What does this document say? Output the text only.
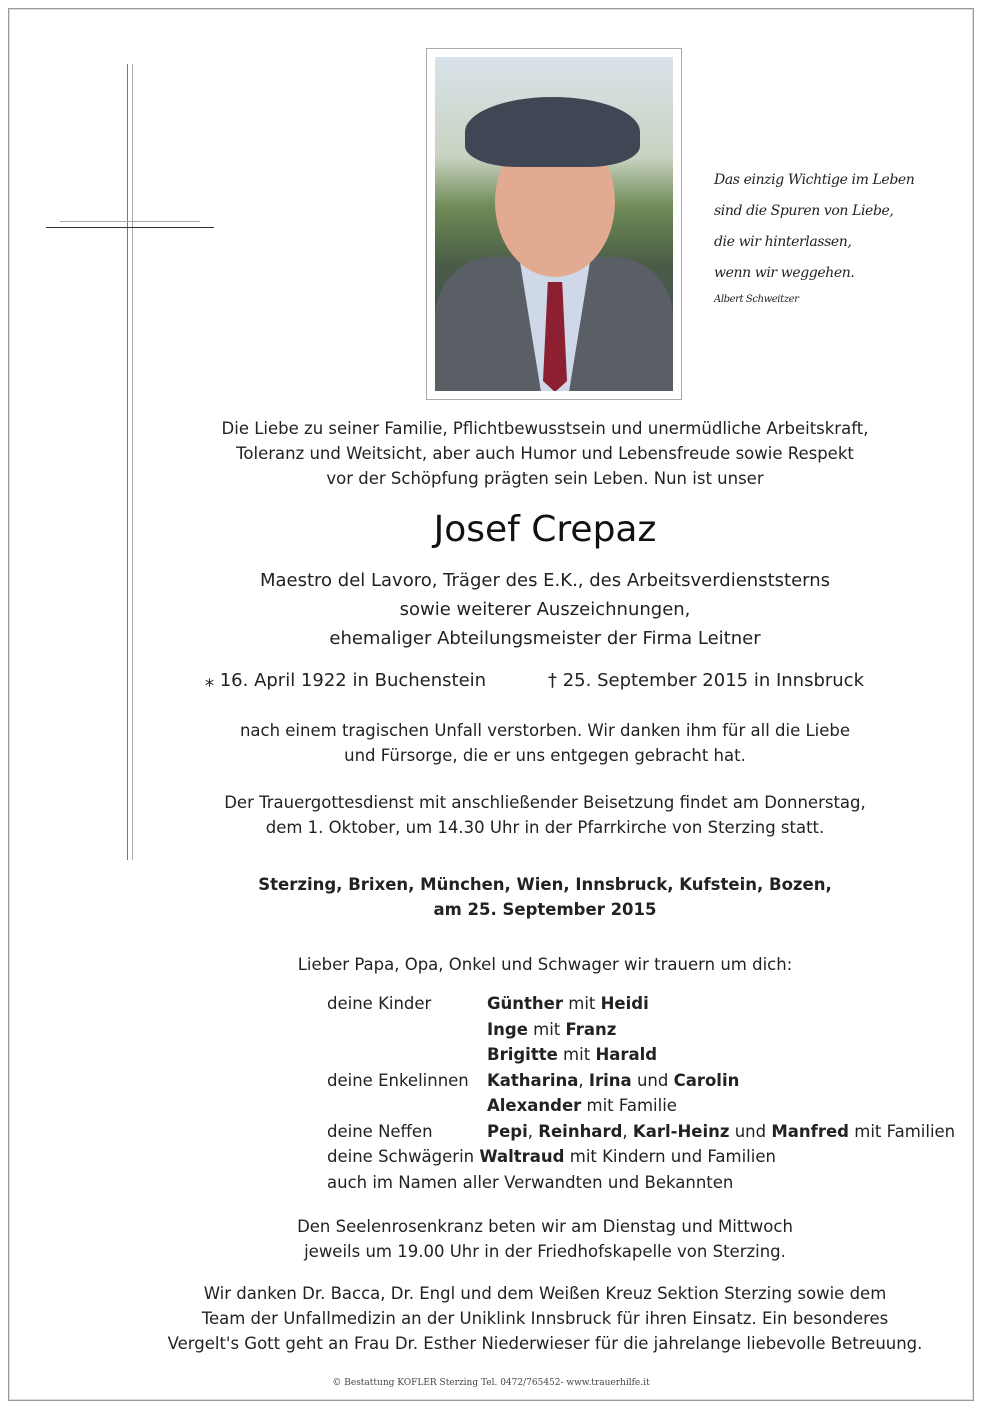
Das einzig Wichtige im Leben
sind die Spuren von Liebe,
die wir hinterlassen,
wenn wir weggehen.
Albert Schweitzer
Die Liebe zu seiner Familie, Pflichtbewusstsein und unermüdliche Arbeitskraft,
Toleranz und Weitsicht, aber auch Humor und Lebensfreude sowie Respekt
vor der Schöpfung prägten sein Leben. Nun ist unser
Josef Crepaz
Maestro del Lavoro, Träger des E.K., des Arbeitsverdienststerns
sowie weiterer Auszeichnungen,
ehemaliger Abteilungsmeister der Firma Leitner
⁎ 16. April 1922 in Buchenstein	† 25. September 2015 in Innsbruck
nach einem tragischen Unfall verstorben. Wir danken ihm für all die Liebe
und Fürsorge, die er uns entgegen gebracht hat.
Der Trauergottesdienst mit anschließender Beisetzung findet am Donnerstag,
dem 1. Oktober, um 14.30 Uhr in der Pfarrkirche von Sterzing statt.
Sterzing, Brixen, München, Wien, Innsbruck, Kufstein, Bozen,
am 25. September 2015
Lieber Papa, Opa, Onkel und Schwager wir trauern um dich:
deine Kinder	Günther mit Heidi
Inge mit Franz
Brigitte mit Harald
deine Enkelinnen	Katharina, Irina und Carolin
Alexander mit Familie
deine Neffen	Pepi, Reinhard, Karl-Heinz und Manfred mit Familien
deine Schwägerin Waltraud mit Kindern und Familien
auch im Namen aller Verwandten und Bekannten
Den Seelenrosenkranz beten wir am Dienstag und Mittwoch
jeweils um 19.00 Uhr in der Friedhofskapelle von Sterzing.
Wir danken Dr. Bacca, Dr. Engl und dem Weißen Kreuz Sektion Sterzing sowie dem
Team der Unfallmedizin an der Uniklink Innsbruck für ihren Einsatz. Ein besonderes
Vergelt's Gott geht an Frau Dr. Esther Niederwieser für die jahrelange liebevolle Betreuung.
© Bestattung KOFLER Sterzing Tel. 0472/765452- www.trauerhilfe.it
